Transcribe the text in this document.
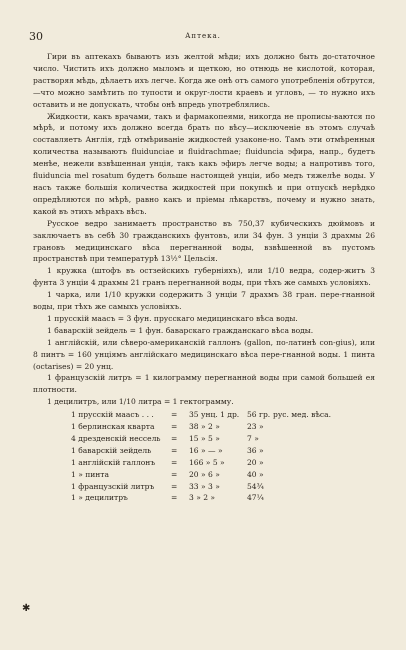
30	Аптека.

Гири въ аптекахъ бываютъ изъ желтой мѣди; ихъ должно быть до-статочное число. Чистить ихъ должно мыломъ и щеткою, но отнюдь не кислотой, которая, растворяя мѣдь, дѣлаетъ ихъ легче. Когда же онѣ отъ самого употребленія обтрутся, —что можно замѣтить по тупости и округ-лости краевъ и угловъ, — то нужно ихъ оставить и не допускать, чтобы онѣ впредь употреблялись.

Жидкости, какъ врачами, такъ и фармакопеями, никогда не прописы-ваются по мѣрѣ, и потому ихъ должно всегда брать по вѣсу—исключеніе въ этомъ случаѣ составляетъ Англія, гдѣ отмѣриваніе жидкостей узаконе-но. Тамъ эти отмѣренныя количества называютъ fluidunciae и fluidrachmae; fluiduncia эфира, напр., будетъ менѣе, нежели взвѣшенная унція, такъ какъ эфиръ легче воды; а напротивъ того, fluiduncia mel rosatum будетъ больше настоящей унціи, ибо медъ тяжелѣе воды. У насъ также большія количества жидкостей при покупкѣ и при отпускѣ нерѣдко опредѣляются по мѣрѣ, равно какъ и пріемы лѣкарствъ, почему и нужно знать, какой въ этихъ мѣрахъ вѣсъ.

Русское ведро занимаетъ пространство въ 750,37 кубическихъ дюймовъ и заключаетъ въ себѣ 30 гражданскихъ фунтовъ, или 34 фун. 3 унціи 3 драхмы 26 грановъ медицинскаго вѣса перегнанной воды, взвѣшенной въ пустомъ пространствѣ при температурѣ 13½° Цельсія.

1 кружка (штофъ въ остзейскихъ губерніяхъ), или 1/10 ведра, содер-житъ 3 фунта 3 унціи 4 драхмы 21 гранъ перегнанной воды, при тѣхъ же самыхъ условіяхъ.

1 чарка, или 1/10 кружки содержитъ 3 унціи 7 драхмъ 38 гран. пере-гнанной воды, при тѣхъ же самыхъ условіяхъ.

1 прусскій маасъ = 3 фун. прусскаго медицинскаго вѣса воды.

1 баварскій зейдель = 1 фун. баварскаго гражданскаго вѣса воды.

1 англійскій, или сѣверо-американскій галлонъ (gallon, по-латинѣ con-gius), или 8 пинтъ = 160 унціямъ англійскаго медицинскаго вѣса пере-гнанной воды. 1 пинта (octarises) = 20 унц.

1 французскій литръ = 1 килограмму перегнанной воды при самой большей ея плотности.

1 децилитръ, или 1/10 литра = 1 гектограмму.

1 прусскій маасъ . . .	=	35 унц. 1 др.	56 гр. рус. мед. вѣса.
1 берлинская кварта	=	38 » 2 »	23 »
4 дрезденскій нессель	=	15 » 5 »	7 »
1 баварскій зейдель	=	16 » — »	36 »
1 англійскій галлонъ	=	166 » 5 »	20 »
1 » пинта	=	20 » 6 »	40 »
1 французскій литръ	=	33 » 3 »	54¾
1 » децилитръ	=	3 » 2 »	47¼
✱
